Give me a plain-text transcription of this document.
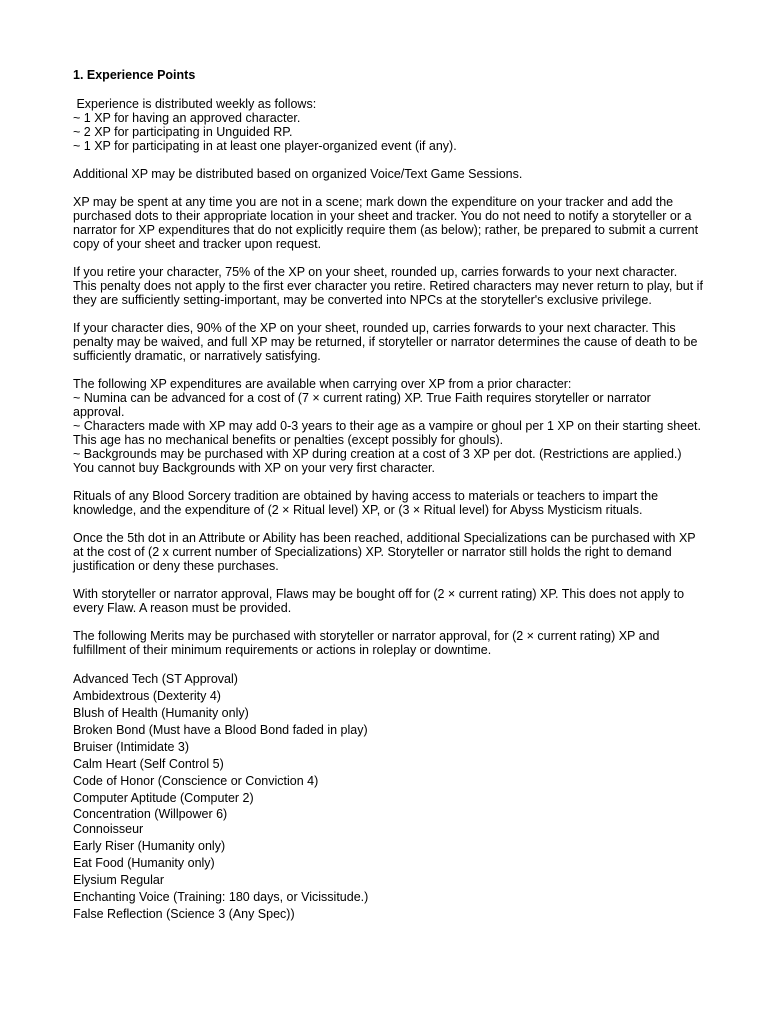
1. Experience Points
Experience is distributed weekly as follows:
~ 1 XP for having an approved character.
~ 2 XP for participating in Unguided RP.
~ 1 XP for participating in at least one player-organized event (if any).
Additional XP may be distributed based on organized Voice/Text Game Sessions.
XP may be spent at any time you are not in a scene; mark down the expenditure on your tracker and add the purchased dots to their appropriate location in your sheet and tracker. You do not need to notify a storyteller or a narrator for XP expenditures that do not explicitly require them (as below); rather, be prepared to submit a current copy of your sheet and tracker upon request.
If you retire your character, 75% of the XP on your sheet, rounded up, carries forwards to your next character. This penalty does not apply to the first ever character you retire. Retired characters may never return to play, but if they are sufficiently setting-important, may be converted into NPCs at the storyteller's exclusive privilege.
If your character dies, 90% of the XP on your sheet, rounded up, carries forwards to your next character. This penalty may be waived, and full XP may be returned, if storyteller or narrator determines the cause of death to be sufficiently dramatic, or narratively satisfying.
The following XP expenditures are available when carrying over XP from a prior character:
~ Numina can be advanced for a cost of (7 × current rating) XP. True Faith requires storyteller or narrator approval.
~ Characters made with XP may add 0-3 years to their age as a vampire or ghoul per 1 XP on their starting sheet. This age has no mechanical benefits or penalties (except possibly for ghouls).
~ Backgrounds may be purchased with XP during creation at a cost of 3 XP per dot. (Restrictions are applied.) You cannot buy Backgrounds with XP on your very first character.
Rituals of any Blood Sorcery tradition are obtained by having access to materials or teachers to impart the knowledge, and the expenditure of (2 × Ritual level) XP, or (3 × Ritual level) for Abyss Mysticism rituals.
Once the 5th dot in an Attribute or Ability has been reached, additional Specializations can be purchased with XP at the cost of (2 x current number of Specializations) XP. Storyteller or narrator still holds the right to demand justification or deny these purchases.
With storyteller or narrator approval, Flaws may be bought off for (2 × current rating) XP. This does not apply to every Flaw. A reason must be provided.
The following Merits may be purchased with storyteller or narrator approval, for (2 × current rating) XP and fulfillment of their minimum requirements or actions in roleplay or downtime.
Advanced Tech (ST Approval)
Ambidextrous (Dexterity 4)
Blush of Health (Humanity only)
Broken Bond (Must have a Blood Bond faded in play)
Bruiser (Intimidate 3)
Calm Heart (Self Control 5)
Code of Honor (Conscience or Conviction 4)
Computer Aptitude (Computer 2)
Concentration (Willpower 6)
Connoisseur
Early Riser (Humanity only)
Eat Food (Humanity only)
Elysium Regular
Enchanting Voice (Training: 180 days, or Vicissitude.)
False Reflection (Science 3 (Any Spec))
